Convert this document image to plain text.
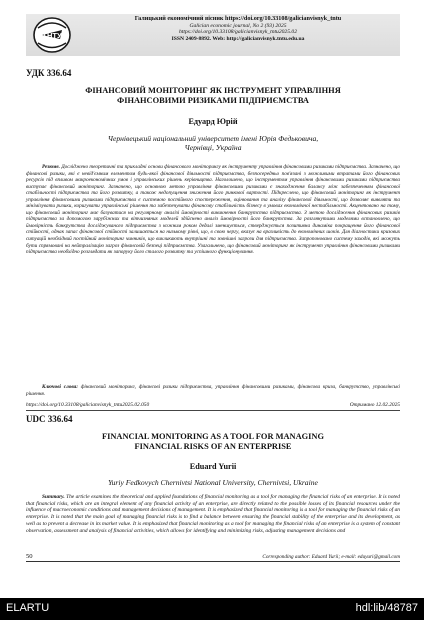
ТНТУ
Галицький економічний вісник https://doi.org/10.33108/galicianvisnyk_tntu
Galician economic journal, No 2 (93) 2025
https://doi.org/10.33108/galicianvisnyk_tntu2025.02
ISSN 2409-8892. Web: http://galicianvisnyk.tntu.edu.ua
УДК 336.64
ФІНАНСОВИЙ МОНІТОРИНГ ЯК ІНСТРУМЕНТ УПРАВЛІННЯ
ФІНАНСОВИМИ РИЗИКАМИ ПІДПРИЄМСТВА
Едуард Юрій
Чернівецький національний університет імені Юрія Федьковича,
Чернівці, Україна

Резюме. Досліджено теоретичні та прикладні основи фінансового моніторингу як інструменту управління фінансовими ризиками підприємства. Зазначено, що фінансові ризики, які є невід'ємним елементом будь-якої фінансової діяльності підприємства, безпосередньо пов'язані з можливими втратами його фінансових ресурсів під впливом макроекономічних умов і управлінських рішень керівництва. Наголошено, що інструментом управління фінансовими ризиками підприємства виступає фінансовий моніторинг. Зазначено, що основною метою управління фінансовими ризиками є знаходження балансу між забезпеченням фінансової стабільності підприємства та його розвитку, а також недопущення зниження його ринкової вартості. Підкреслено, що фінансовий моніторинг як інструмент управління фінансовими ризиками підприємства є системою постійного спостереження, оцінювання та аналізу фінансової діяльності, що дозволяє виявляти та мінімізувати ризики, коригувати управлінські рішення та забезпечувати фінансову стабільність бізнесу в умовах економічної нестабільності. Акцентовано на тому, що фінансовий моніторинг має базуватися на регулярному аналізі ймовірності виникнення банкрутства підприємства. З метою дослідження фінансових ризиків підприємства за допомогою зарубіжних та вітчизняних моделей здійснено аналіз ймовірності його банкрутства. За розглянутими моделями встановлено, що ймовірність банкрутства досліджуваного підприємства з кожним роком дедалі зменшується, стверджується позитивна динаміка покращення його фінансової стійкості, однак запас фінансової стійкості залишається на низькому рівні, що, в свою чергу, вказує на вразливість до економічних шоків. Для діагностики кризових ситуацій необхідний постійний моніторинг чинників, що викликають внутрішні та зовнішні загрози для підприємства. Запропоновано систему заходів, які можуть бути спрямовані на нейтралізацію загроз фінансовій безпеці підприємства. Узагальнено, що фінансовий моніторинг як інструмент управління фінансовими ризиками підприємства необхідно розглядати як запоруку його сталого розвитку та успішного функціонування.

Ключові слова: фінансовий моніторинг, фінансові ризики підприємства, управління фінансовими ризиками, фінансова криза, банкрутство, управлінські рішення.

https://doi.org/10.33108/galicianvisnyk_tntu2025.02.050	Отримано 12.02.2025
UDC 336.64
FINANCIAL MONITORING AS A TOOL FOR MANAGING
FINANCIAL RISKS OF AN ENTERPRISE
Eduard Yurii
Yuriy Fedkovych Chernivtsi National University, Chernivtsi, Ukraine

Summary. The article examines the theoretical and applied foundations of financial monitoring as a tool for managing the financial risks of an enterprise. It is noted that financial risks, which are an integral element of any financial activity of an enterprise, are directly related to the possible losses of its financial resources under the influence of macroeconomic conditions and management decisions of management. It is emphasized that financial monitoring is a tool for managing the financial risks of an enterprise. It is noted that the main goal of managing financial risks is to find a balance between ensuring the financial stability of the enterprise and its development, as well as to prevent a decrease in its market value. It is emphasized that financial monitoring as a tool for managing the financial risks of an enterprise is a system of constant observation, assessment and analysis of financial activities, which allows for identifying and minimizing risks, adjusting management decisions and

50	Corresponding author: Eduard Yurii; e-mail: eduyuri@gmail.com
ELARTU	hdl:lib/48787
